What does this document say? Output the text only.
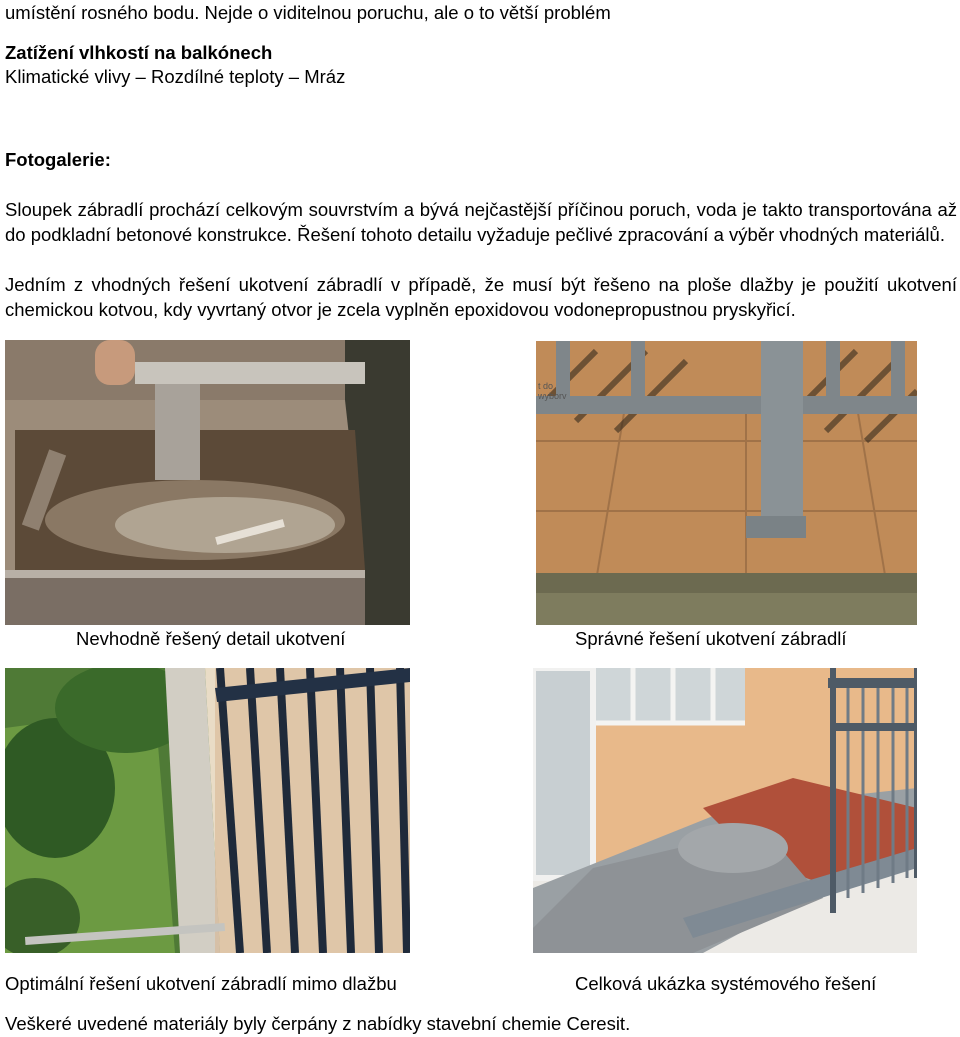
umístění rosného bodu. Nejde o viditelnou poruchu, ale o to větší problém
Zatížení vlhkostí na balkónech
Klimatické vlivy – Rozdílné teploty – Mráz
Fotogalerie:
Sloupek zábradlí prochází celkovým souvrstvím a bývá nejčastější příčinou poruch, voda je takto transportována až do podkladní betonové konstrukce. Řešení tohoto detailu vyžaduje pečlivé zpracování a výběr vhodných materiálů.
Jedním z vhodných řešení ukotvení zábradlí v případě, že musí být řešeno na ploše dlažby je použití ukotvení chemickou kotvou, kdy vyvrtaný otvor je zcela vyplněn epoxidovou vodonepropustnou pryskyřicí.
t do
wyborv
Nevhodně řešený detail ukotvení	Správné řešení ukotvení zábradlí
Optimální řešení ukotvení zábradlí mimo dlažbu	Celková ukázka systémového řešení
Veškeré uvedené materiály byly čerpány z nabídky stavební chemie Ceresit.
